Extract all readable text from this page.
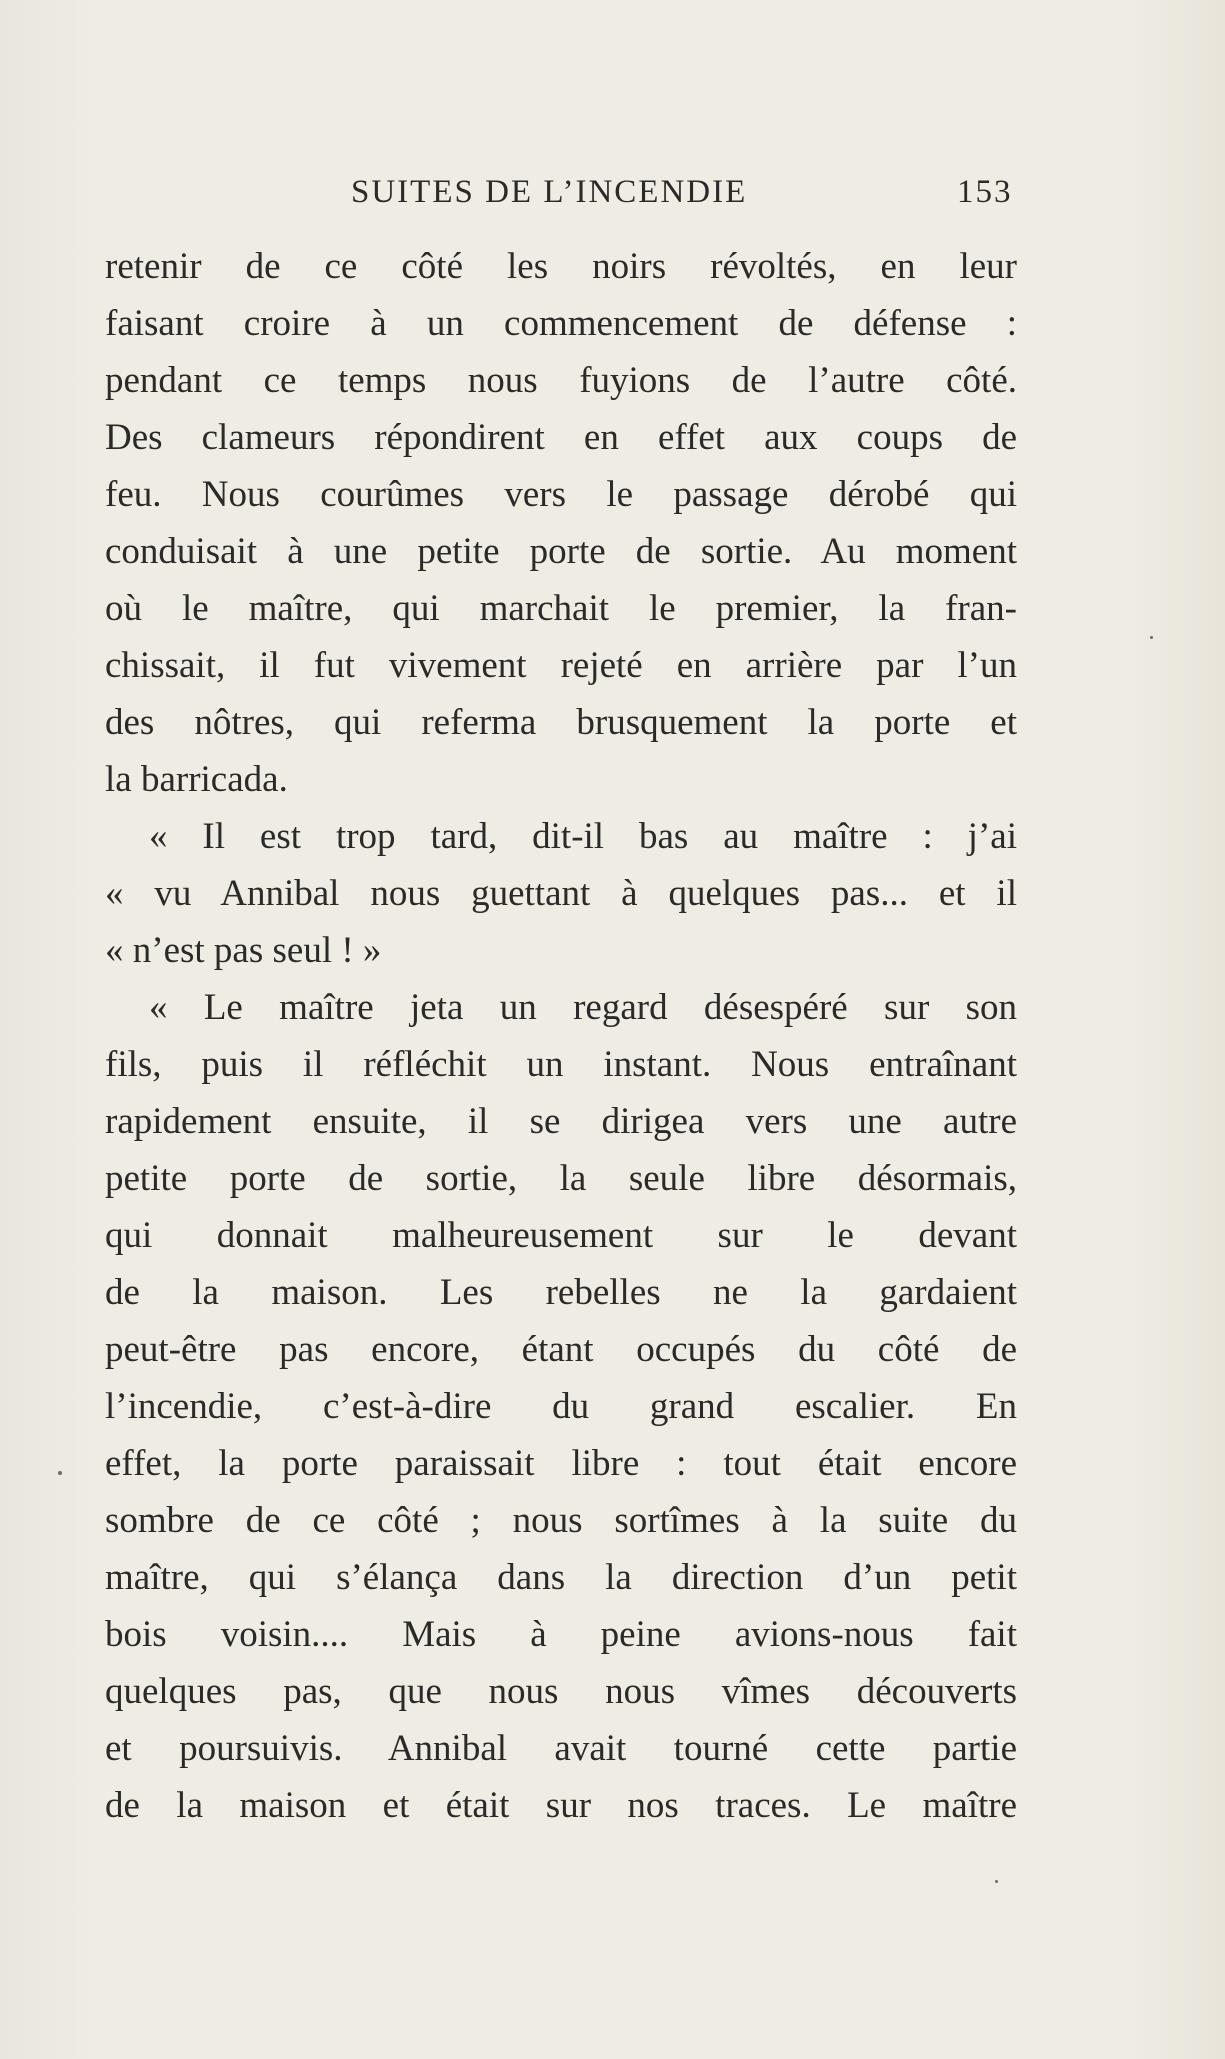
SUITES DE L’INCENDIE	153
retenir de ce côté les noirs révoltés, en leur
faisant croire à un commencement de défense :
pendant ce temps nous fuyions de l’autre côté.
Des clameurs répondirent en effet aux coups de
feu. Nous courûmes vers le passage dérobé qui
conduisait à une petite porte de sortie. Au moment
où le maître, qui marchait le premier, la fran-
chissait, il fut vivement rejeté en arrière par l’un
des nôtres, qui referma brusquement la porte et
la barricada.
« Il est trop tard, dit-il bas au maître : j’ai
« vu Annibal nous guettant à quelques pas... et il
« n’est pas seul ! »
« Le maître jeta un regard désespéré sur son
fils, puis il réfléchit un instant. Nous entraînant
rapidement ensuite, il se dirigea vers une autre
petite porte de sortie, la seule libre désormais,
qui donnait malheureusement sur le devant
de la maison. Les rebelles ne la gardaient
peut-être pas encore, étant occupés du côté de
l’incendie, c’est-à-dire du grand escalier. En
effet, la porte paraissait libre : tout était encore
sombre de ce côté ; nous sortîmes à la suite du
maître, qui s’élança dans la direction d’un petit
bois voisin.... Mais à peine avions-nous fait
quelques pas, que nous nous vîmes découverts
et poursuivis. Annibal avait tourné cette partie
de la maison et était sur nos traces. Le maître
